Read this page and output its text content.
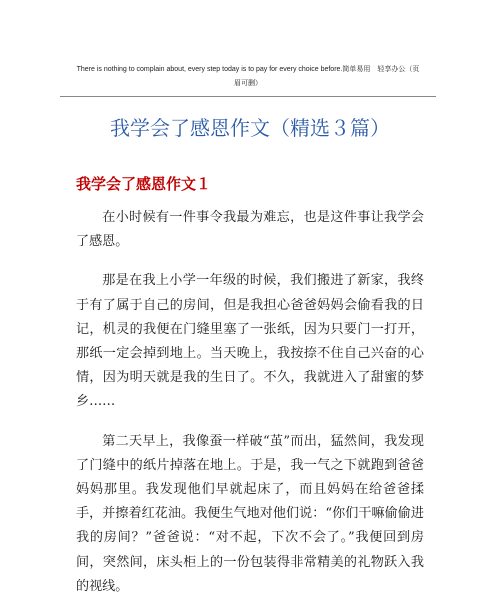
There is nothing to complain about, every step today is to pay for every choice before.简单易用　轻享办公（页
眉可删）
我学会了感恩作文（精选３篇）
我学会了感恩作文１

在小时候有一件事令我最为难忘，也是这件事让我学会了感恩。

那是在我上小学一年级的时候，我们搬进了新家，我终于有了属于自己的房间，但是我担心爸爸妈妈会偷看我的日记，机灵的我便在门缝里塞了一张纸，因为只要门一打开，那纸一定会掉到地上。当天晚上，我按捺不住自己兴奋的心情，因为明天就是我的生日了。不久，我就进入了甜蜜的梦乡……

第二天早上，我像蚕一样破“茧”而出，猛然间，我发现了门缝中的纸片掉落在地上。于是，我一气之下就跑到爸爸妈妈那里。我发现他们早就起床了，而且妈妈在给爸爸揉手，并擦着红花油。我便生气地对他们说：“你们干嘛偷偷进我的房间？”爸爸说：“对不起，下次不会了。”我便回到房间，突然间，床头柜上的一份包装得非常精美的礼物跃入我的视线。
